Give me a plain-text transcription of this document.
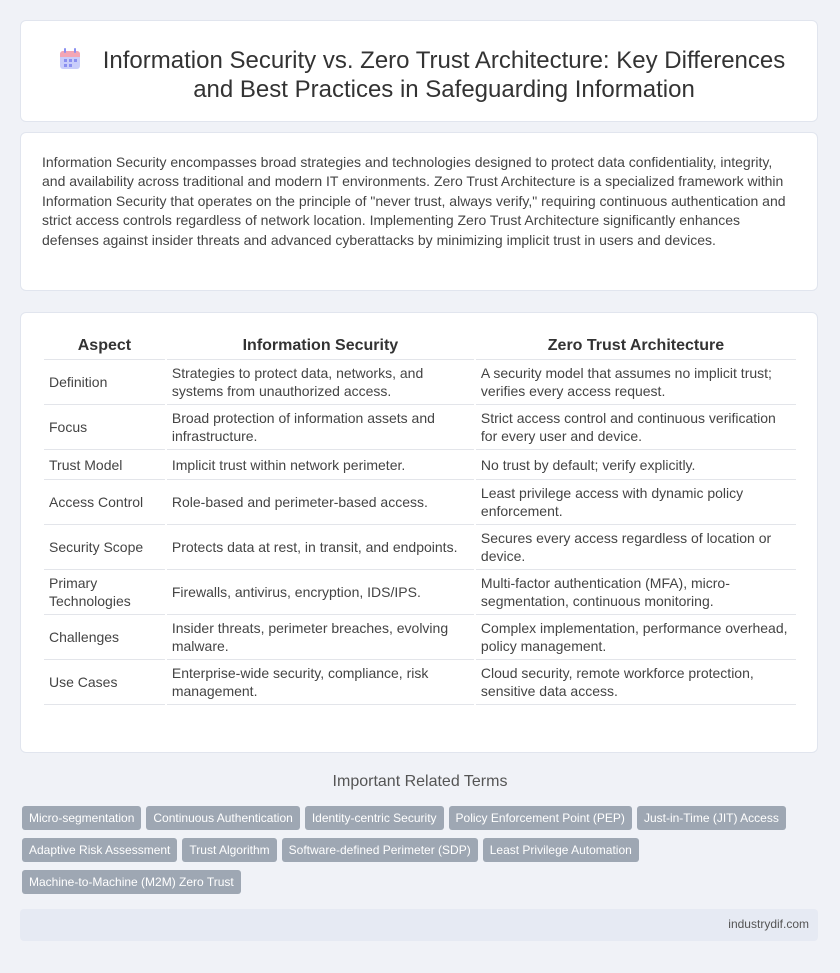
Information Security vs. Zero Trust Architecture: Key Differences and Best Practices in Safeguarding Information

Information Security encompasses broad strategies and technologies designed to protect data confidentiality, integrity, and availability across traditional and modern IT environments. Zero Trust Architecture is a specialized framework within Information Security that operates on the principle of "never trust, always verify," requiring continuous authentication and strict access controls regardless of network location. Implementing Zero Trust Architecture significantly enhances defenses against insider threats and advanced cyberattacks by minimizing implicit trust in users and devices.

Aspect	Information Security	Zero Trust Architecture
Definition	Strategies to protect data, networks, and systems from unauthorized access.	A security model that assumes no implicit trust; verifies every access request.
Focus	Broad protection of information assets and infrastructure.	Strict access control and continuous verification for every user and device.
Trust Model	Implicit trust within network perimeter.	No trust by default; verify explicitly.
Access Control	Role-based and perimeter-based access.	Least privilege access with dynamic policy enforcement.
Security Scope	Protects data at rest, in transit, and endpoints.	Secures every access regardless of location or device.
Primary Technologies	Firewalls, antivirus, encryption, IDS/IPS.	Multi-factor authentication (MFA), micro-segmentation, continuous monitoring.
Challenges	Insider threats, perimeter breaches, evolving malware.	Complex implementation, performance overhead, policy management.
Use Cases	Enterprise-wide security, compliance, risk management.	Cloud security, remote workforce protection, sensitive data access.
Important Related Terms
Micro-segmentation Continuous Authentication Identity-centric Security Policy Enforcement Point (PEP) Just-in-Time (JIT) AccessAdaptive Risk Assessment Trust Algorithm Software-defined Perimeter (SDP) Least Privilege AutomationMachine-to-Machine (M2M) Zero Trust
industrydif.com
